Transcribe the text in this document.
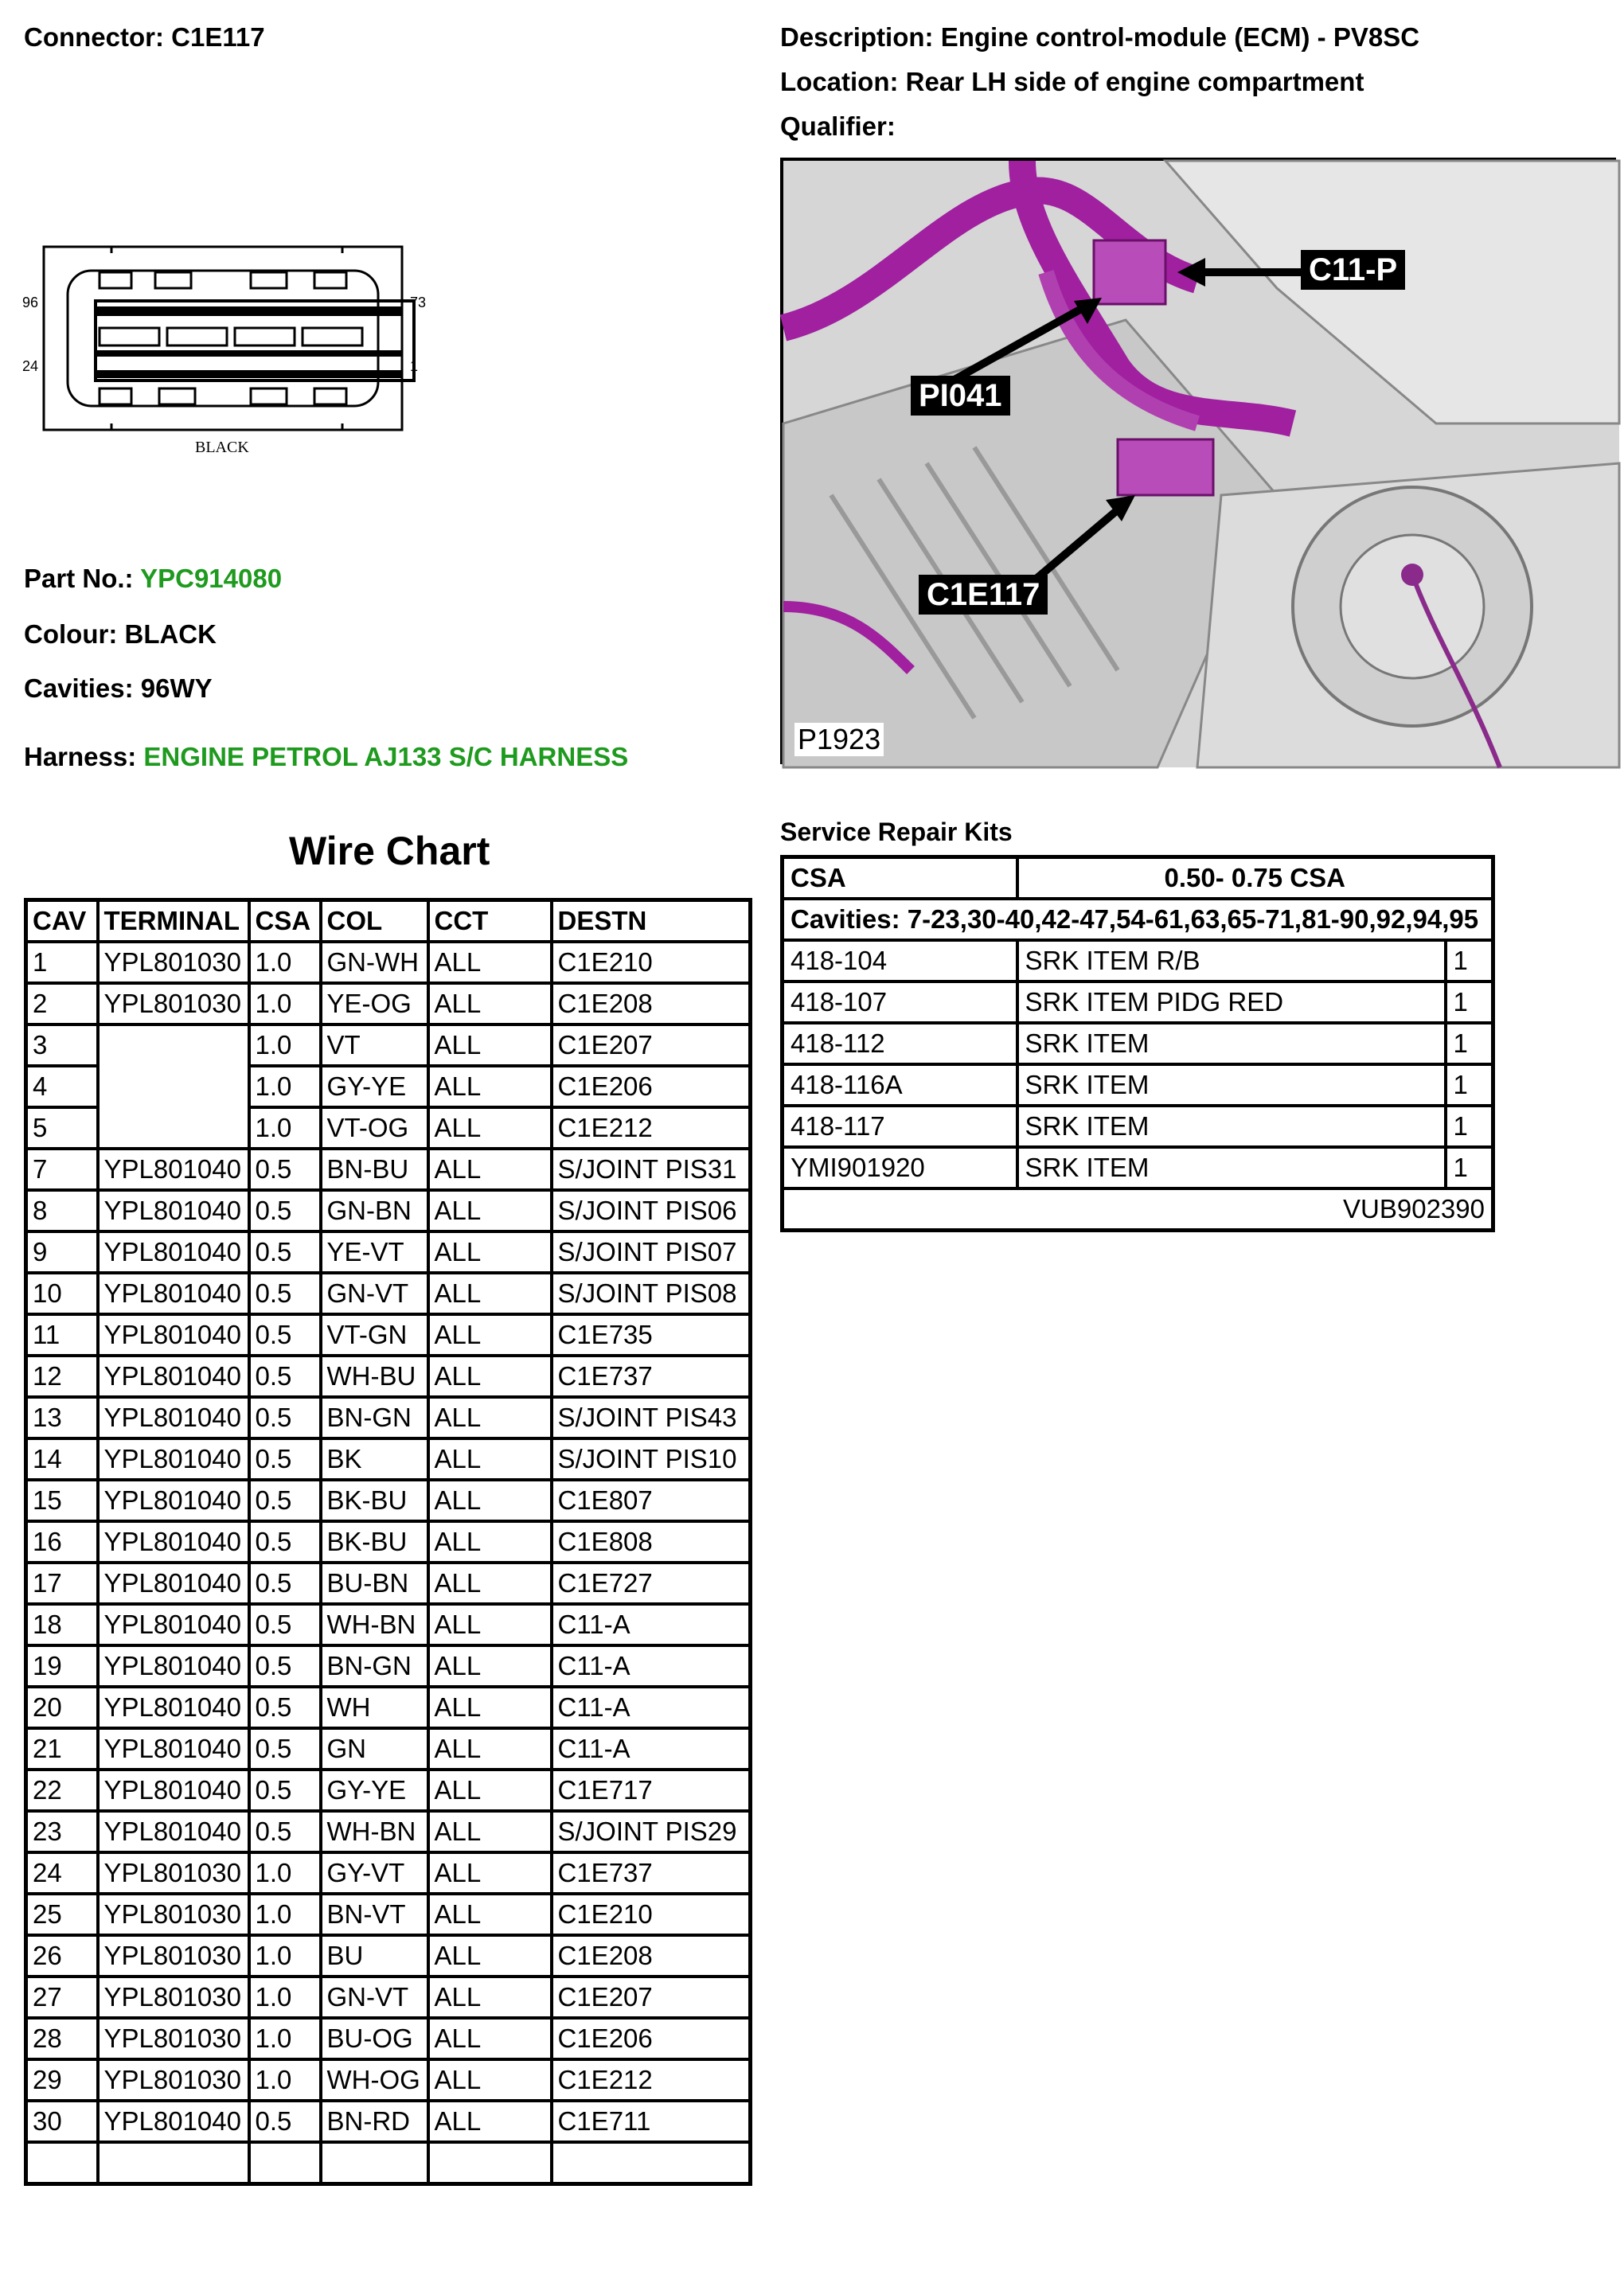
Connector: C1E117	Description: Engine control-module (ECM) - PV8SC
Location: Rear LH side of engine compartment
Qualifier:
96	73
24	1
BLACK
Part No.: YPC914080
Colour: BLACK
Cavities: 96WY
Harness: ENGINE PETROL AJ133 S/C HARNESS
C11-P
PI041
C1E117
P1923
Wire Chart
CAV	TERMINAL	CSA	COL	CCT	DESTN
1	YPL801030	1.0	GN-WH	ALL	C1E210
2	YPL801030	1.0	YE-OG	ALL	C1E208
3		1.0	VT	ALL	C1E207
4		1.0	GY-YE	ALL	C1E206
5		1.0	VT-OG	ALL	C1E212
7	YPL801040	0.5	BN-BU	ALL	S/JOINT PIS31
8	YPL801040	0.5	GN-BN	ALL	S/JOINT PIS06
9	YPL801040	0.5	YE-VT	ALL	S/JOINT PIS07
10	YPL801040	0.5	GN-VT	ALL	S/JOINT PIS08
11	YPL801040	0.5	VT-GN	ALL	C1E735
12	YPL801040	0.5	WH-BU	ALL	C1E737
13	YPL801040	0.5	BN-GN	ALL	S/JOINT PIS43
14	YPL801040	0.5	BK	ALL	S/JOINT PIS10
15	YPL801040	0.5	BK-BU	ALL	C1E807
16	YPL801040	0.5	BK-BU	ALL	C1E808
17	YPL801040	0.5	BU-BN	ALL	C1E727
18	YPL801040	0.5	WH-BN	ALL	C11-A
19	YPL801040	0.5	BN-GN	ALL	C11-A
20	YPL801040	0.5	WH	ALL	C11-A
21	YPL801040	0.5	GN	ALL	C11-A
22	YPL801040	0.5	GY-YE	ALL	C1E717
23	YPL801040	0.5	WH-BN	ALL	S/JOINT PIS29
24	YPL801030	1.0	GY-VT	ALL	C1E737
25	YPL801030	1.0	BN-VT	ALL	C1E210
26	YPL801030	1.0	BU	ALL	C1E208
27	YPL801030	1.0	GN-VT	ALL	C1E207
28	YPL801030	1.0	BU-OG	ALL	C1E206
29	YPL801030	1.0	WH-OG	ALL	C1E212
30	YPL801040	0.5	BN-RD	ALL	C1E711

Service Repair Kits
CSA	0.50- 0.75 CSA	
Cavities: 7-23,30-40,42-47,54-61,63,65-71,81-90,92,94,95		
418-104	SRK ITEM R/B	1
418-107	SRK ITEM PIDG RED	1
418-112	SRK ITEM	1
418-116A	SRK ITEM	1
418-117	SRK ITEM	1
YMI901920	SRK ITEM	1
VUB902390		
